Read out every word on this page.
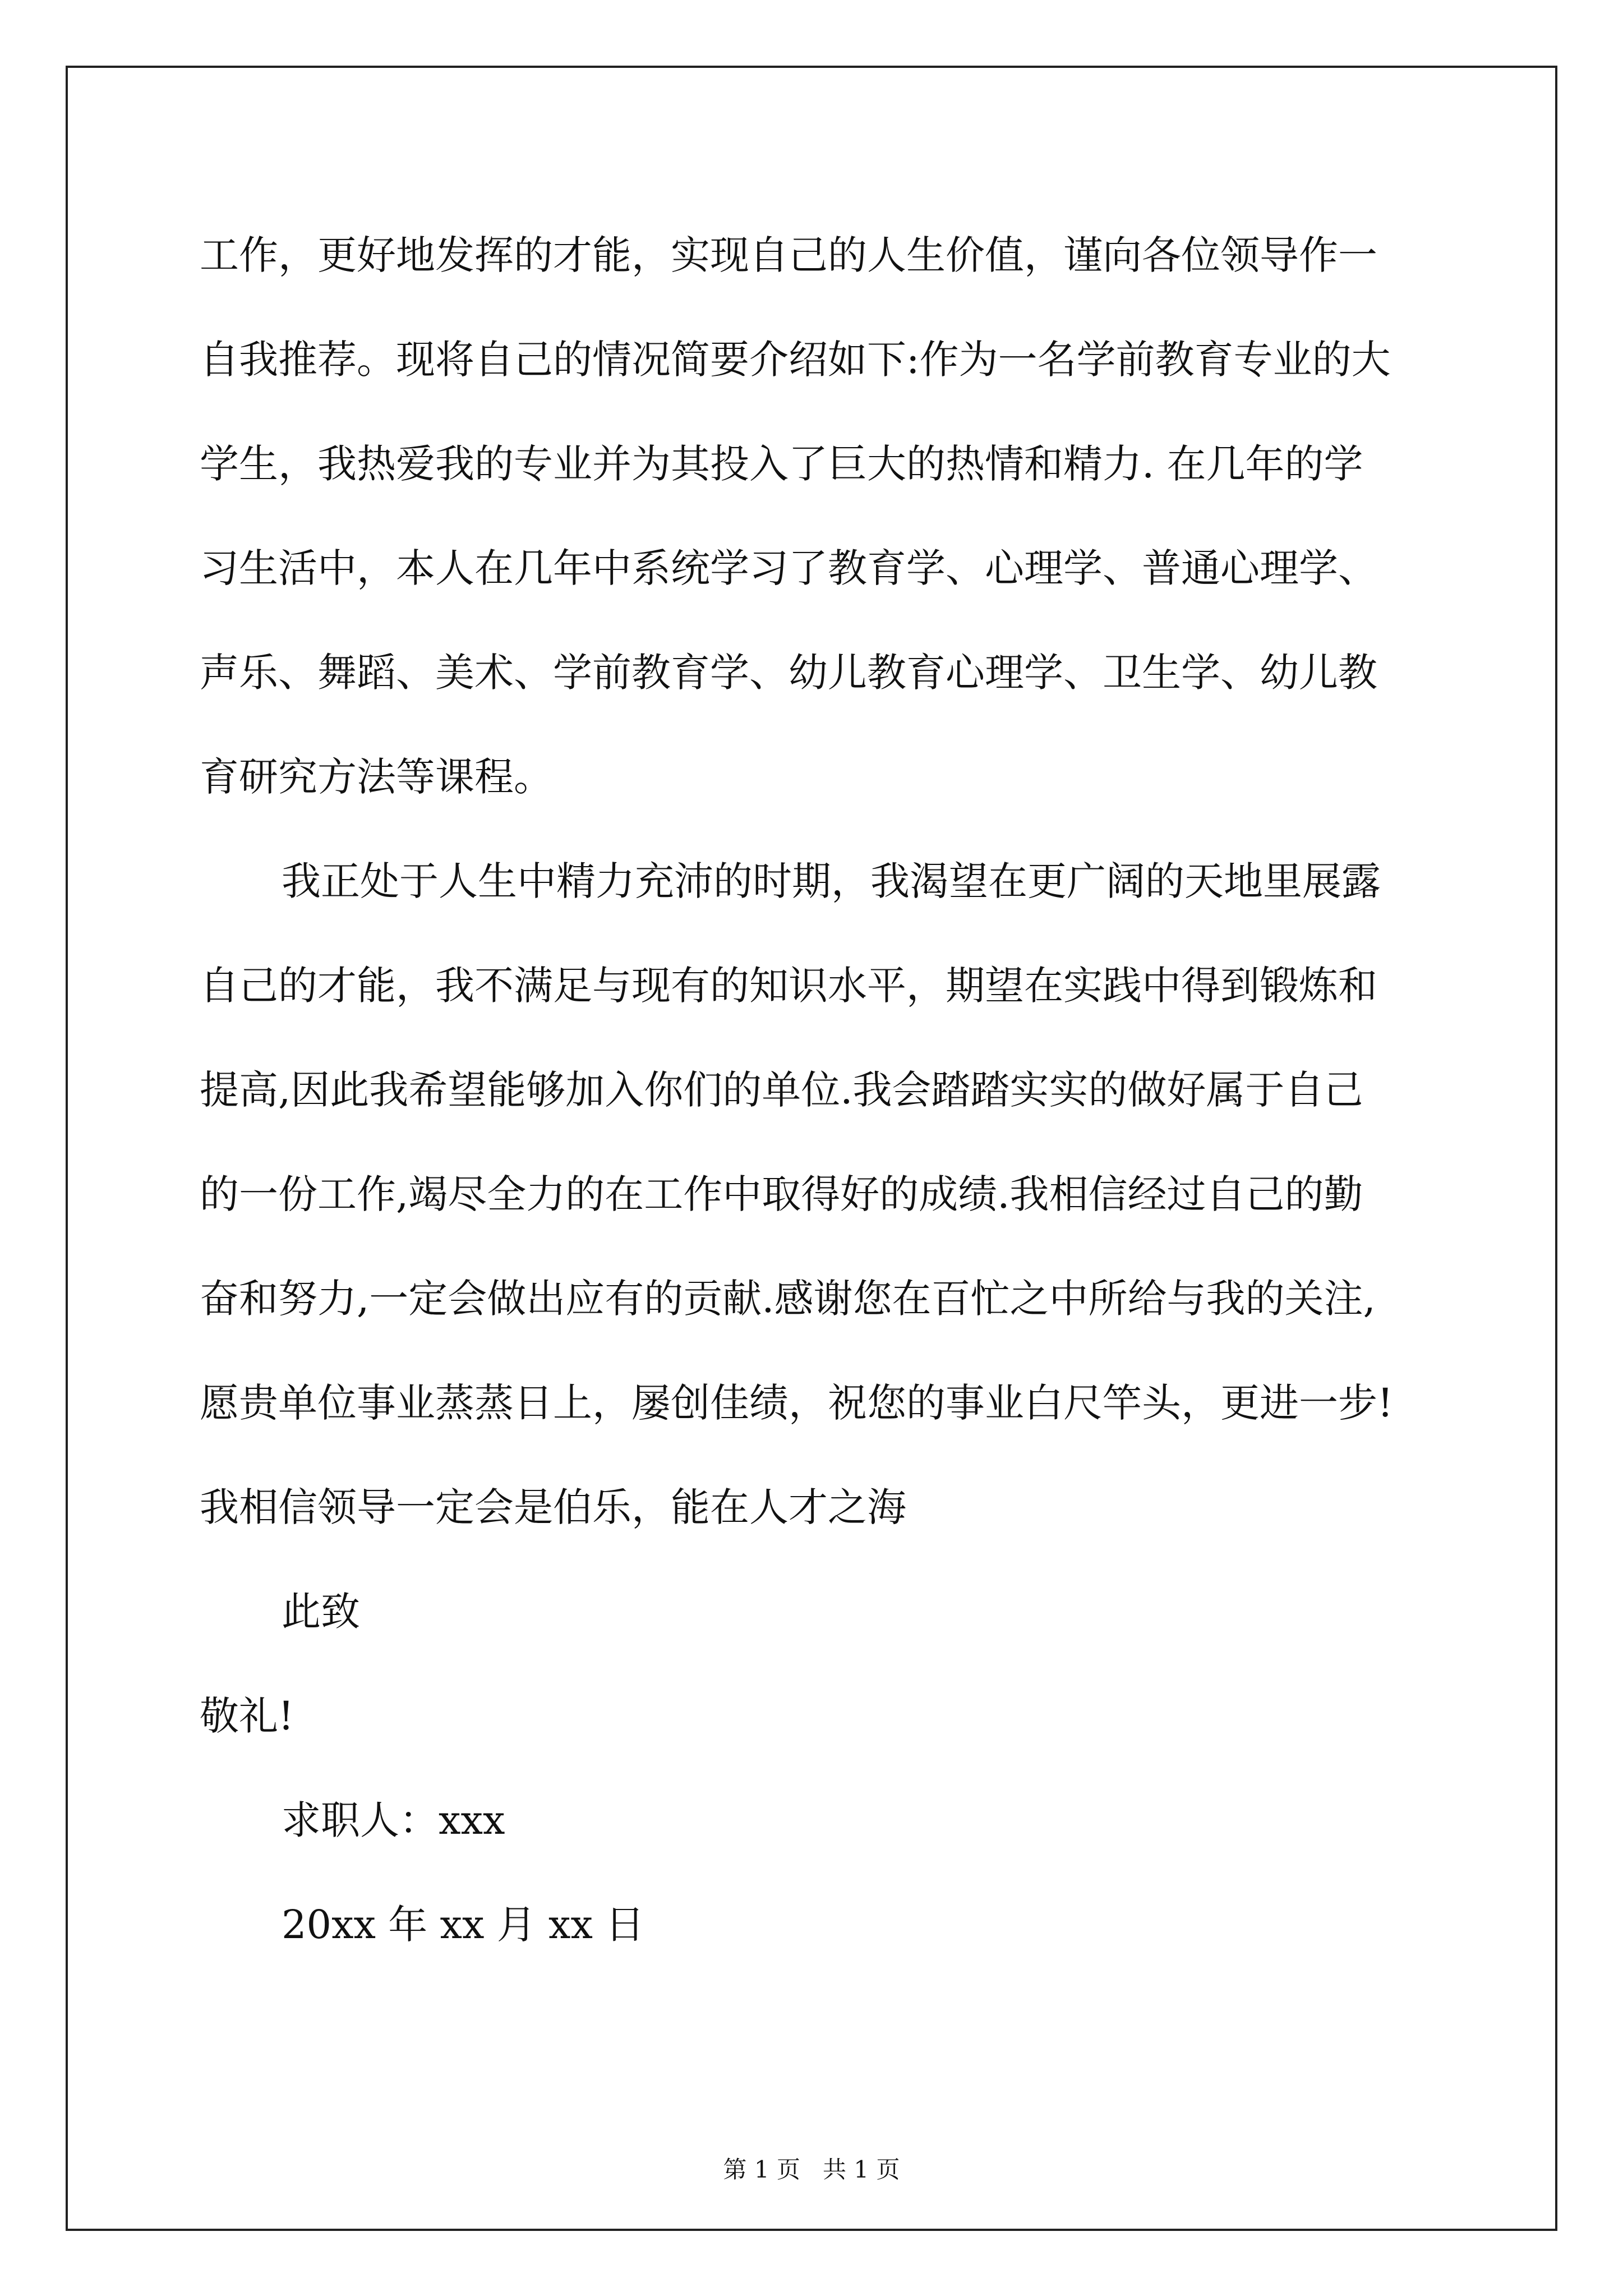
工作，更好地发挥的才能，实现自己的人生价值，谨向各位领导作一
自我推荐。现将自己的情况简要介绍如下:作为一名学前教育专业的大
学生，我热爱我的专业并为其投入了巨大的热情和精力. 在几年的学
习生活中，本人在几年中系统学习了教育学、心理学、普通心理学、
声乐、舞蹈、美术、学前教育学、幼儿教育心理学、卫生学、幼儿教
育研究方法等课程。
我正处于人生中精力充沛的时期，我渴望在更广阔的天地里展露
自己的才能，我不满足与现有的知识水平，期望在实践中得到锻炼和
提高,因此我希望能够加入你们的单位.我会踏踏实实的做好属于自己
的一份工作,竭尽全力的在工作中取得好的成绩.我相信经过自己的勤
奋和努力,一定会做出应有的贡献.感谢您在百忙之中所给与我的关注,
愿贵单位事业蒸蒸日上，屡创佳绩，祝您的事业白尺竿头，更进一步!
我相信领导一定会是伯乐，能在人才之海
此致
敬礼!
求职人：xxx
20xx 年 xx 月 xx 日
第 1 页   共 1 页
